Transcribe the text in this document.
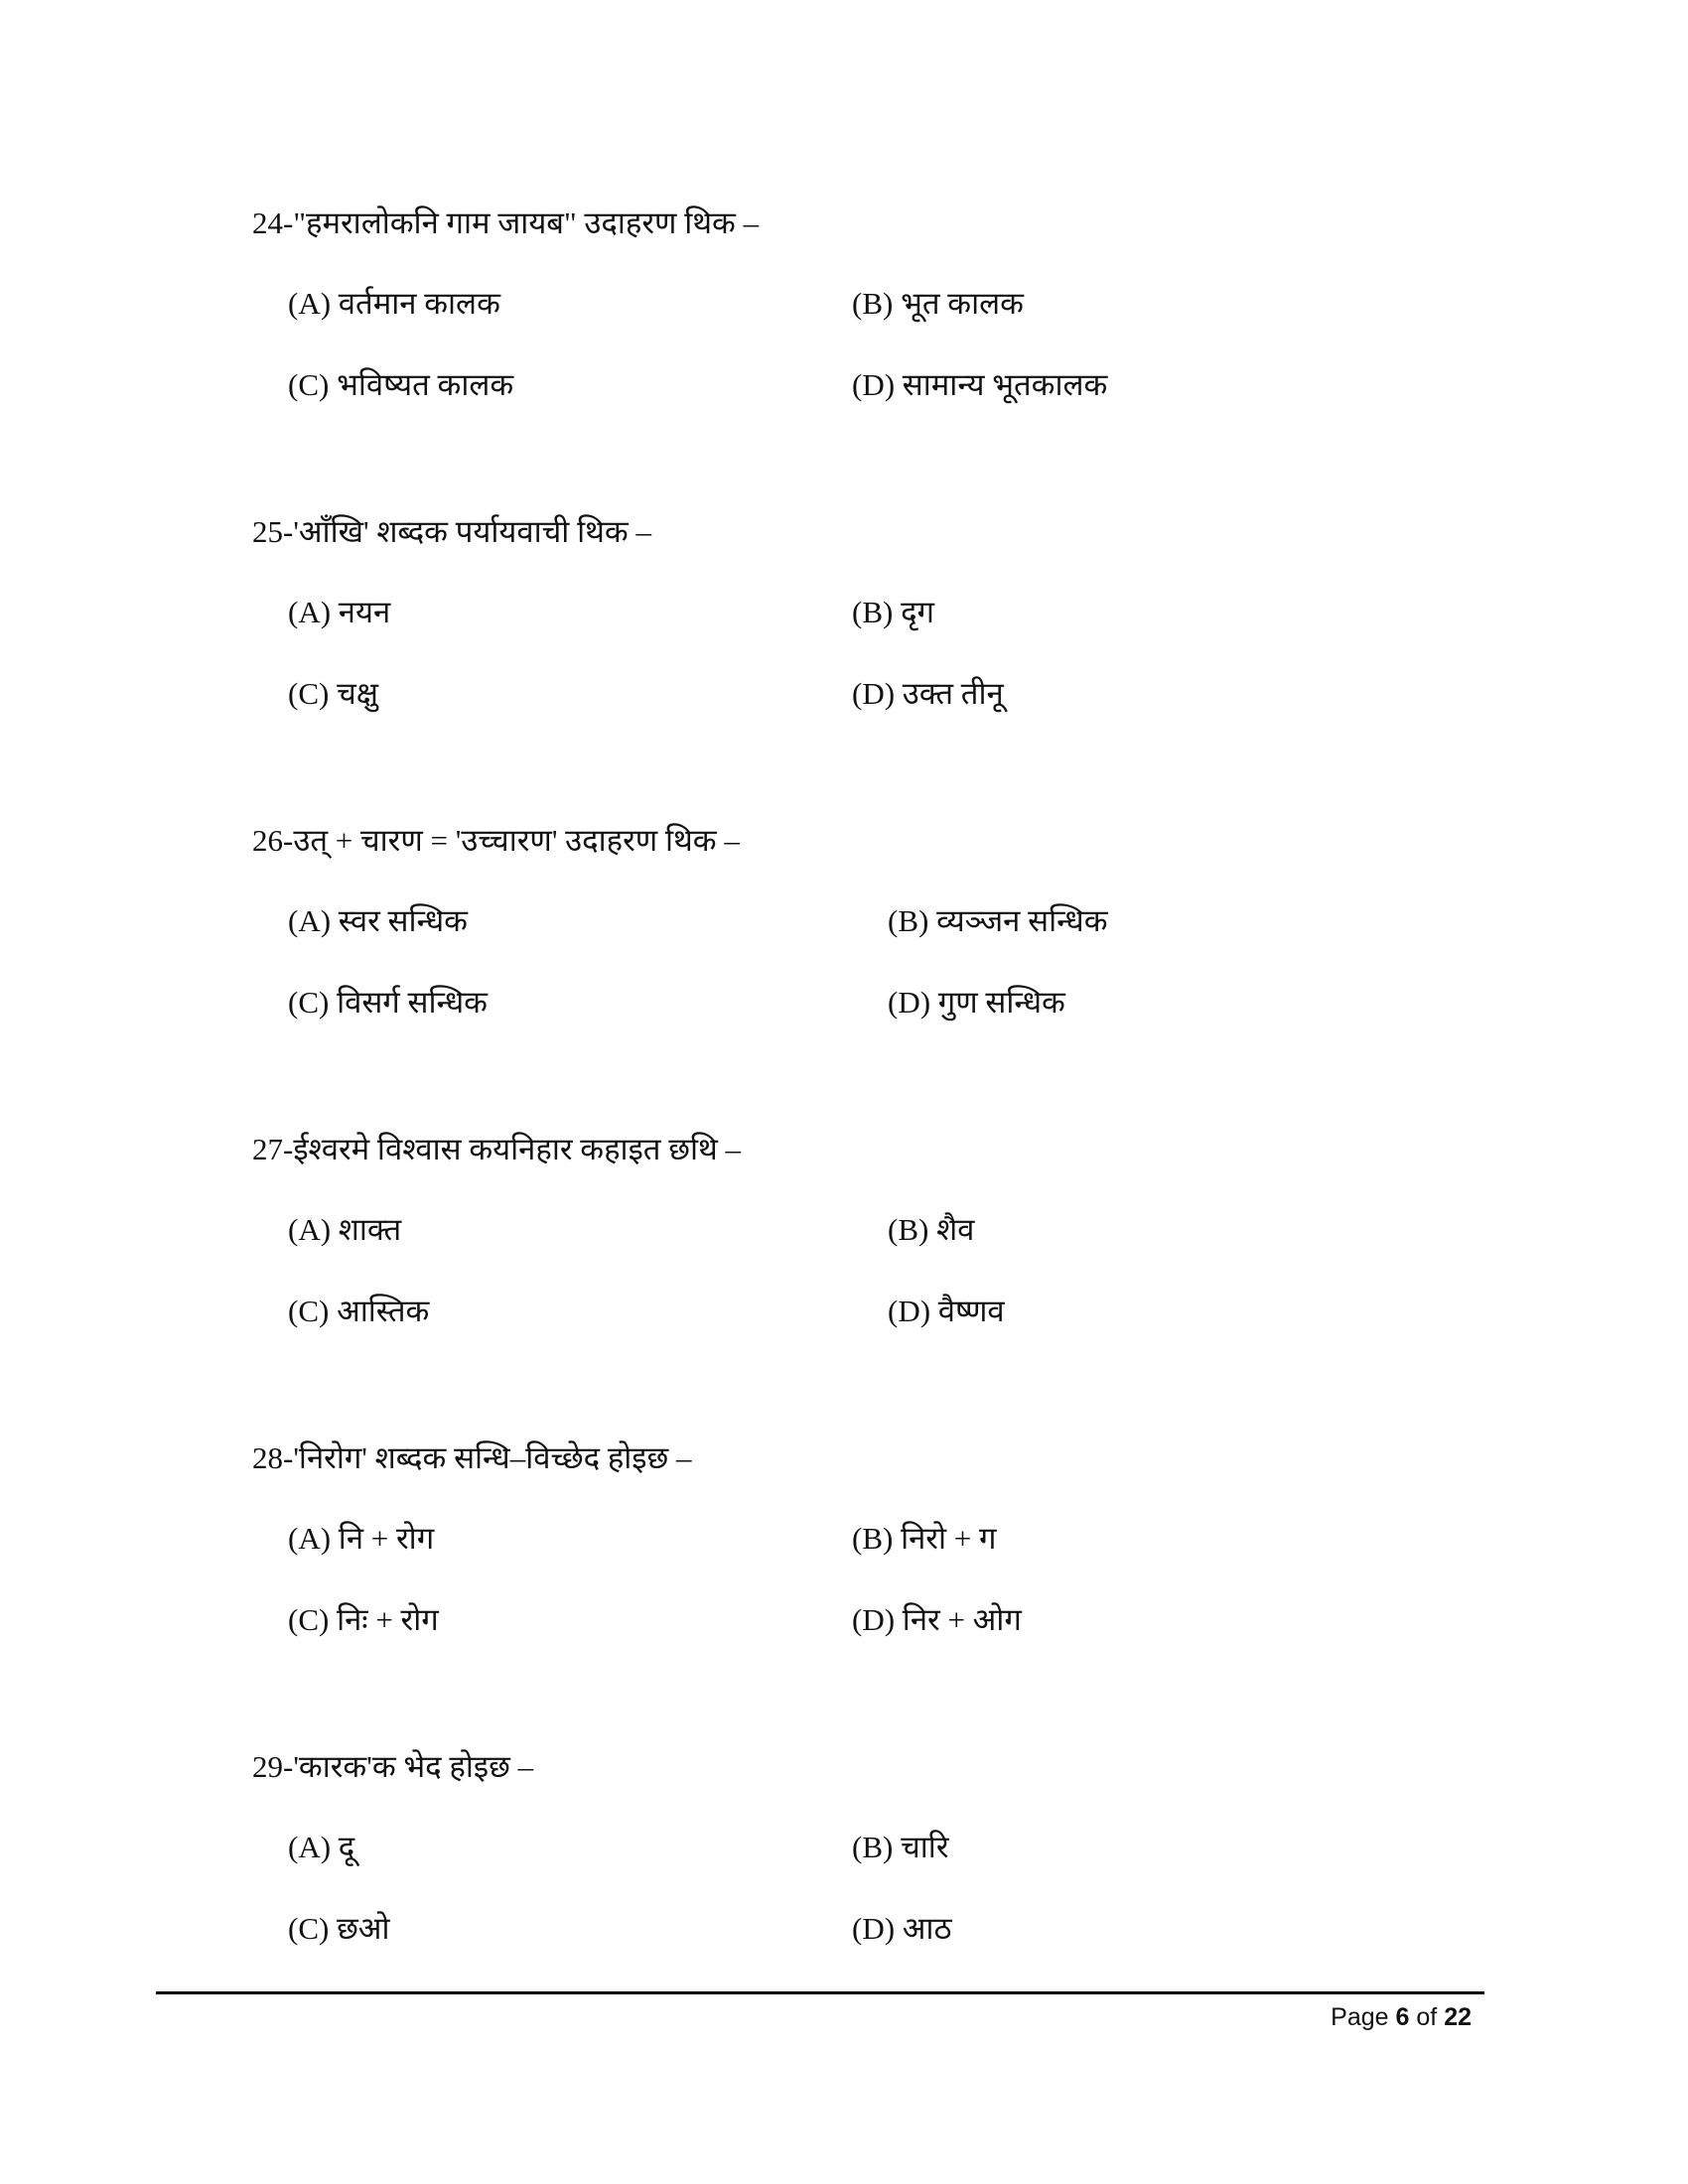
24-"हमरालोकनि गाम जायब" उदाहरण थिक –
(A) वर्तमान कालक	(B) भूत कालक
(C) भविष्यत कालक	(D) सामान्य भूतकालक
25-'आँखि' शब्दक पर्यायवाची थिक –
(A) नयन	(B) दृग
(C) चक्षु	(D) उक्त तीनू
26-उत् + चारण = 'उच्चारण' उदाहरण थिक –
(A) स्वर सन्धिक	(B) व्यञ्जन सन्धिक
(C) विसर्ग सन्धिक	(D) गुण सन्धिक
27-ईश्वरमे विश्वास कयनिहार कहाइत छथि –
(A) शाक्त	(B) शैव
(C) आस्तिक	(D) वैष्णव
28-'निरोग' शब्दक सन्धि–विच्छेद होइछ –
(A) नि + रोग	(B) निरो + ग
(C) निः + रोग	(D) निर + ओग
29-'कारक'क भेद होइछ –
(A) दू	(B) चारि
(C) छओ	(D) आठ
Page 6 of 22
